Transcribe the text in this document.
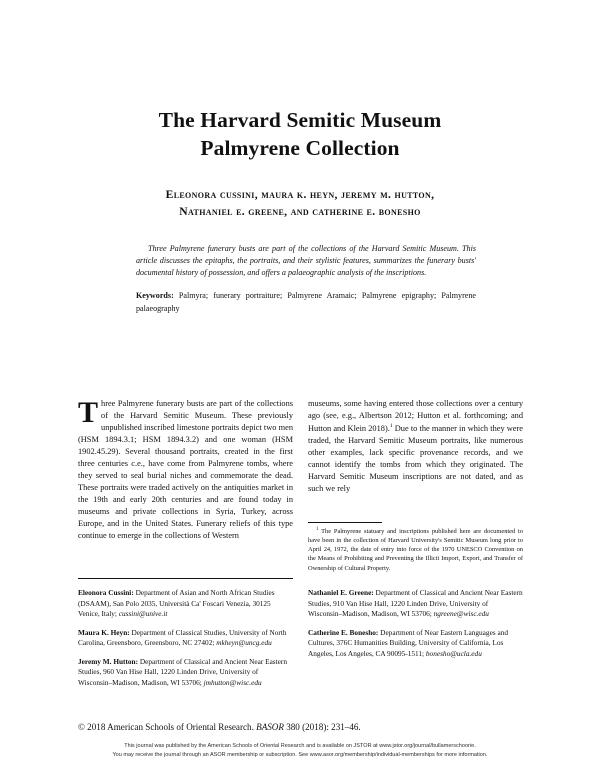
The Harvard Semitic Museum
Palmyrene Collection
Eleonora cussini, maura k. heyn, jeremy m. hutton,
Nathaniel e. greene, and catherine e. bonesho

Three Palmyrene funerary busts are part of the collections of the Harvard Semitic Museum. This article discusses the epitaphs, the portraits, and their stylistic features, summarizes the funerary busts' documental history of possession, and offers a palaeographic analysis of the inscriptions.

Keywords: Palmyra; funerary portraiture; Palmyrene Aramaic; Palmyrene epigraphy; Palmyrene palaeography

Three Palmyrene funerary busts are part of the collections of the Harvard Semitic Museum. These previously unpublished inscribed limestone portraits depict two men (HSM 1894.3.1; HSM 1894.3.2) and one woman (HSM 1902.45.29). Several thousand portraits, created in the first three centuries c.e., have come from Palmyrene tombs, where they served to seal burial niches and commemorate the dead. These portraits were traded actively on the antiquities market in the 19th and early 20th centuries and are found today in museums and private collections in Syria, Turkey, across Europe, and in the United States. Funerary reliefs of this type continue to emerge in the collections of Western

museums, some having entered those collections over a century ago (see, e.g., Albertson 2012; Hutton et al. forthcoming; and Hutton and Klein 2018).$^1$ Due to the manner in which they were traded, the Harvard Semitic Museum portraits, like numerous other examples, lack specific provenance records, and we cannot identify the tombs from which they originated. The Harvard Semitic Museum inscriptions are not dated, and as such we rely

$^1$ The Palmyrene statuary and inscriptions published here are documented to have been in the collection of Harvard University's Semitic Museum long prior to April 24, 1972, the date of entry into force of the 1970 UNESCO Convention on the Means of Prohibiting and Preventing the Illicit Import, Export, and Transfer of Ownership of Cultural Property.

Eleonora Cussini: Department of Asian and North African Studies (DSAAM), San Polo 2035, Università Ca' Foscari Venezia, 30125 Venice, Italy; cussini@unive.it

Maura K. Heyn: Department of Classical Studies, University of North Carolina, Greensboro, Greensboro, NC 27402; mkheyn@uncg.edu

Jeremy M. Hutton: Department of Classical and Ancient Near Eastern Studies, 960 Van Hise Hall, 1220 Linden Drive, University of Wisconsin–Madison, Madison, WI 53706; jmhutton@wisc.edu

Nathaniel E. Greene: Department of Classical and Ancient Near Eastern Studies, 910 Van Hise Hall, 1220 Linden Drive, University of Wisconsin–Madison, Madison, WI 53706; ngreene@wisc.edu

Catherine E. Bonesho: Department of Near Eastern Languages and Cultures, 376C Humanities Building, University of California, Los Angeles, Los Angeles, CA 90095-1511; bonesho@ucla.edu

© 2018 American Schools of Oriental Research. BASOR 380 (2018): 231–46.
This journal was published by the American Schools of Oriental Research and is available on JSTOR at www.jstor.org/journal/bullamerschoorie.
You may receive the journal through an ASOR membership or subscription. See www.asor.org/membership/individual-memberships for more information.
